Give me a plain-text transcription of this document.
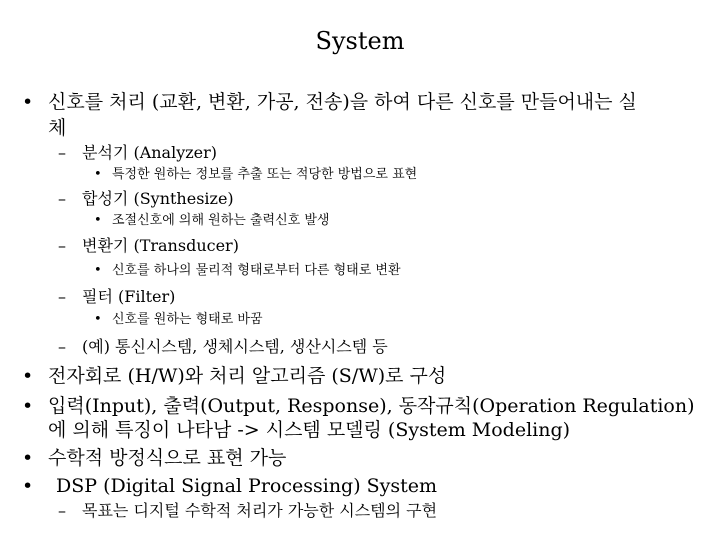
System
• 신호를 처리 (교환, 변환, 가공, 전송)을 하여 다른 신호를 만들어내는 실
체
– 분석기 (Analyzer)
• 특정한 원하는 정보를 추출 또는 적당한 방법으로 표현
– 합성기 (Synthesize)
• 조절신호에 의해 원하는 출력신호 발생
– 변환기 (Transducer)
• 신호를 하나의 물리적 형태로부터 다른 형태로 변환
– 필터 (Filter)
• 신호를 원하는 형태로 바꿈
– (예) 통신시스템, 생체시스템, 생산시스템 등
• 전자회로 (H/W)와 처리 알고리즘 (S/W)로 구성
• 입력(Input), 출력(Output, Response), 동작규칙(Operation Regulation)
에 의해 특징이 나타남 -> 시스템 모델링 (System Modeling)
• 수학적 방정식으로 표현 가능
• DSP (Digital Signal Processing) System
– 목표는 디지털 수학적 처리가 가능한 시스템의 구현
